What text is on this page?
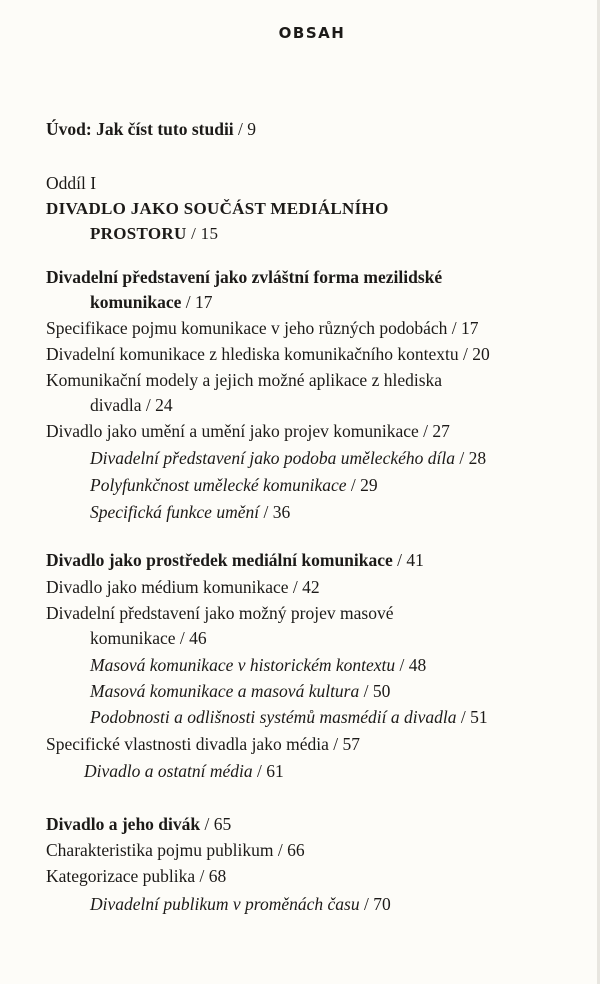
OBSAH
Úvod: Jak číst tuto studii / 9
Oddíl I
DIVADLO JAKO SOUČÁST MEDIÁLNÍHO
PROSTORU / 15
Divadelní představení jako zvláštní forma mezilidské
komunikace / 17
Specifikace pojmu komunikace v jeho různých podobách / 17
Divadelní komunikace z hlediska komunikačního kontextu / 20
Komunikační modely a jejich možné aplikace z hlediska
divadla / 24
Divadlo jako umění a umění jako projev komunikace / 27
Divadelní představení jako podoba uměleckého díla / 28
Polyfunkčnost umělecké komunikace / 29
Specifická funkce umění / 36
Divadlo jako prostředek mediální komunikace / 41
Divadlo jako médium komunikace / 42
Divadelní představení jako možný projev masové
komunikace / 46
Masová komunikace v historickém kontextu / 48
Masová komunikace a masová kultura / 50
Podobnosti a odlišnosti systémů masmédií a divadla / 51
Specifické vlastnosti divadla jako média / 57
Divadlo a ostatní média / 61
Divadlo a jeho divák / 65
Charakteristika pojmu publikum / 66
Kategorizace publika / 68
Divadelní publikum v proměnách času / 70
